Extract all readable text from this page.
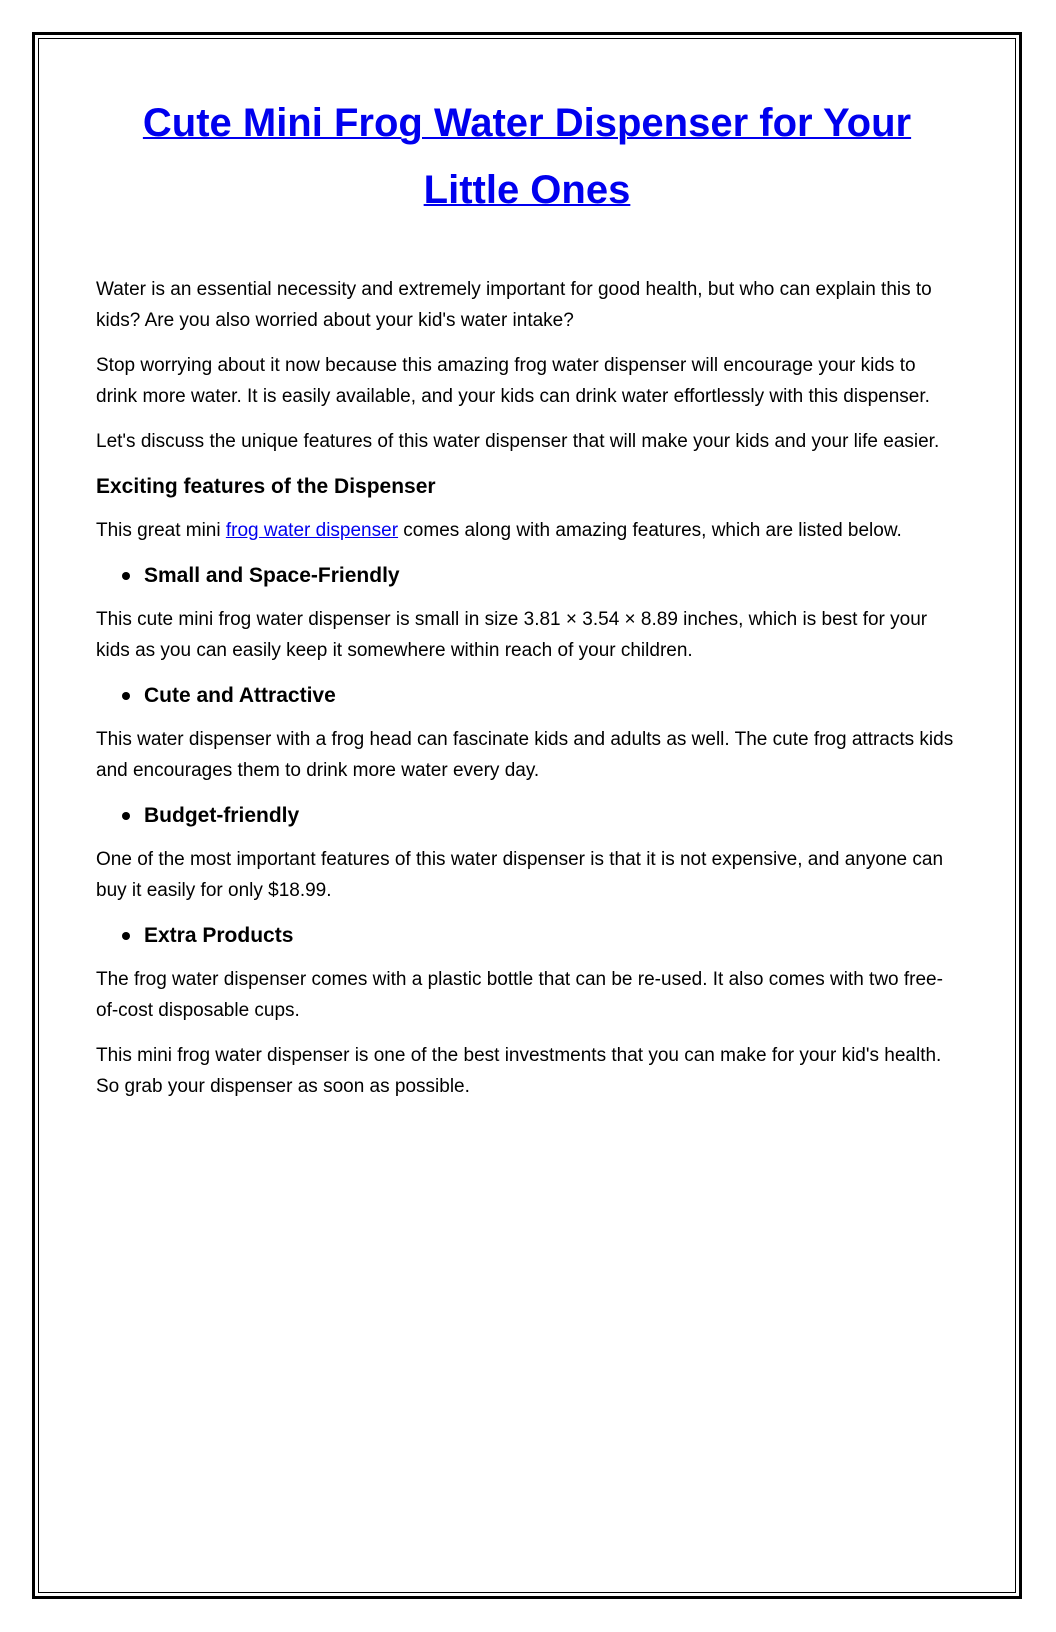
Cute Mini Frog Water Dispenser for Your Little Ones

Water is an essential necessity and extremely important for good health, but who can explain this to kids? Are you also worried about your kid's water intake?

Stop worrying about it now because this amazing frog water dispenser will encourage your kids to drink more water. It is easily available, and your kids can drink water effortlessly with this dispenser.

Let's discuss the unique features of this water dispenser that will make your kids and your life easier.

Exciting features of the Dispenser

This great mini frog water dispenser comes along with amazing features, which are listed below.

Small and Space-Friendly

This cute mini frog water dispenser is small in size 3.81 × 3.54 × 8.89 inches, which is best for your kids as you can easily keep it somewhere within reach of your children.

Cute and Attractive

This water dispenser with a frog head can fascinate kids and adults as well. The cute frog attracts kids and encourages them to drink more water every day.

Budget-friendly

One of the most important features of this water dispenser is that it is not expensive, and anyone can buy it easily for only $18.99.

Extra Products

The frog water dispenser comes with a plastic bottle that can be re-used. It also comes with two free-of-cost disposable cups.

This mini frog water dispenser is one of the best investments that you can make for your kid's health. So grab your dispenser as soon as possible.
